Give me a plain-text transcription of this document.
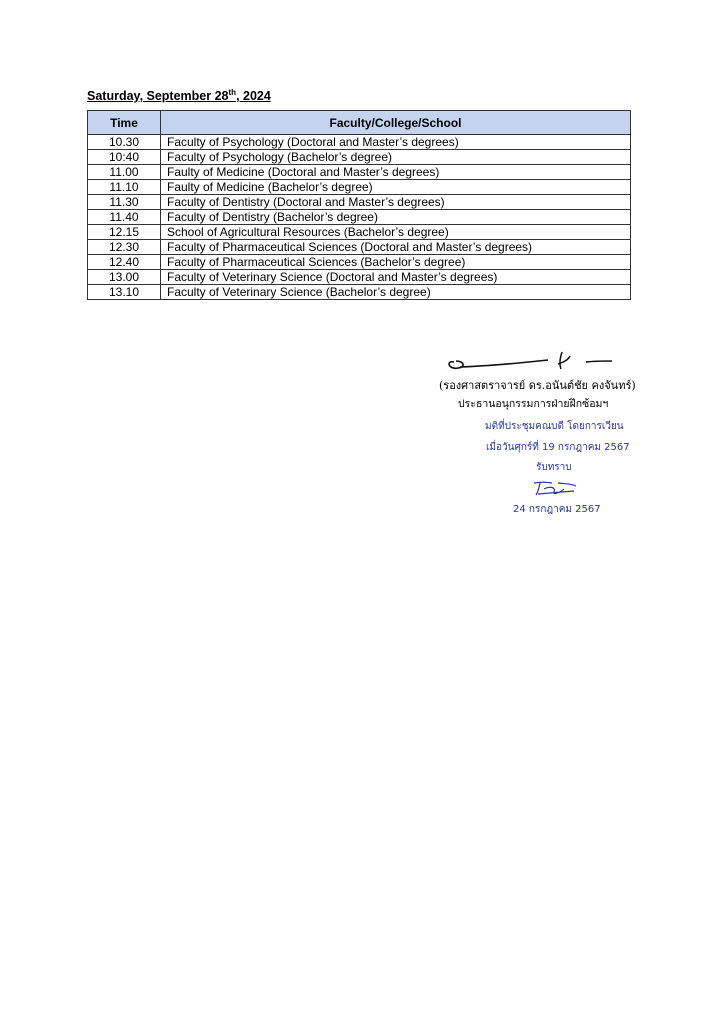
Saturday, September 28th, 2024
Time	Faculty/College/School
10.30	Faculty of Psychology (Doctoral and Master’s degrees)
10:40	Faculty of Psychology (Bachelor’s degree)
11.00	Faulty of Medicine (Doctoral and Master’s degrees)
11.10	Faulty of Medicine (Bachelor’s degree)
11.30	Faculty of Dentistry (Doctoral and Master’s degrees)
11.40	Faculty of Dentistry (Bachelor’s degree)
12.15	School of Agricultural Resources (Bachelor’s degree)
12.30	Faculty of Pharmaceutical Sciences (Doctoral and Master’s degrees)
12.40	Faculty of Pharmaceutical Sciences (Bachelor’s degree)
13.00	Faculty of Veterinary Science (Doctoral and Master’s degrees)
13.10	Faculty of Veterinary Science (Bachelor’s degree)
(รองศาสตราจารย์ ดร.อนันต์ชัย คงจันทร์)
ประธานอนุกรรมการฝ่ายฝึกซ้อมฯ
มติที่ประชุมคณบดี โดยการเวียน
เมื่อวันศุกร์ที่ 19 กรกฎาคม 2567
รับทราบ
24 กรกฎาคม 2567
